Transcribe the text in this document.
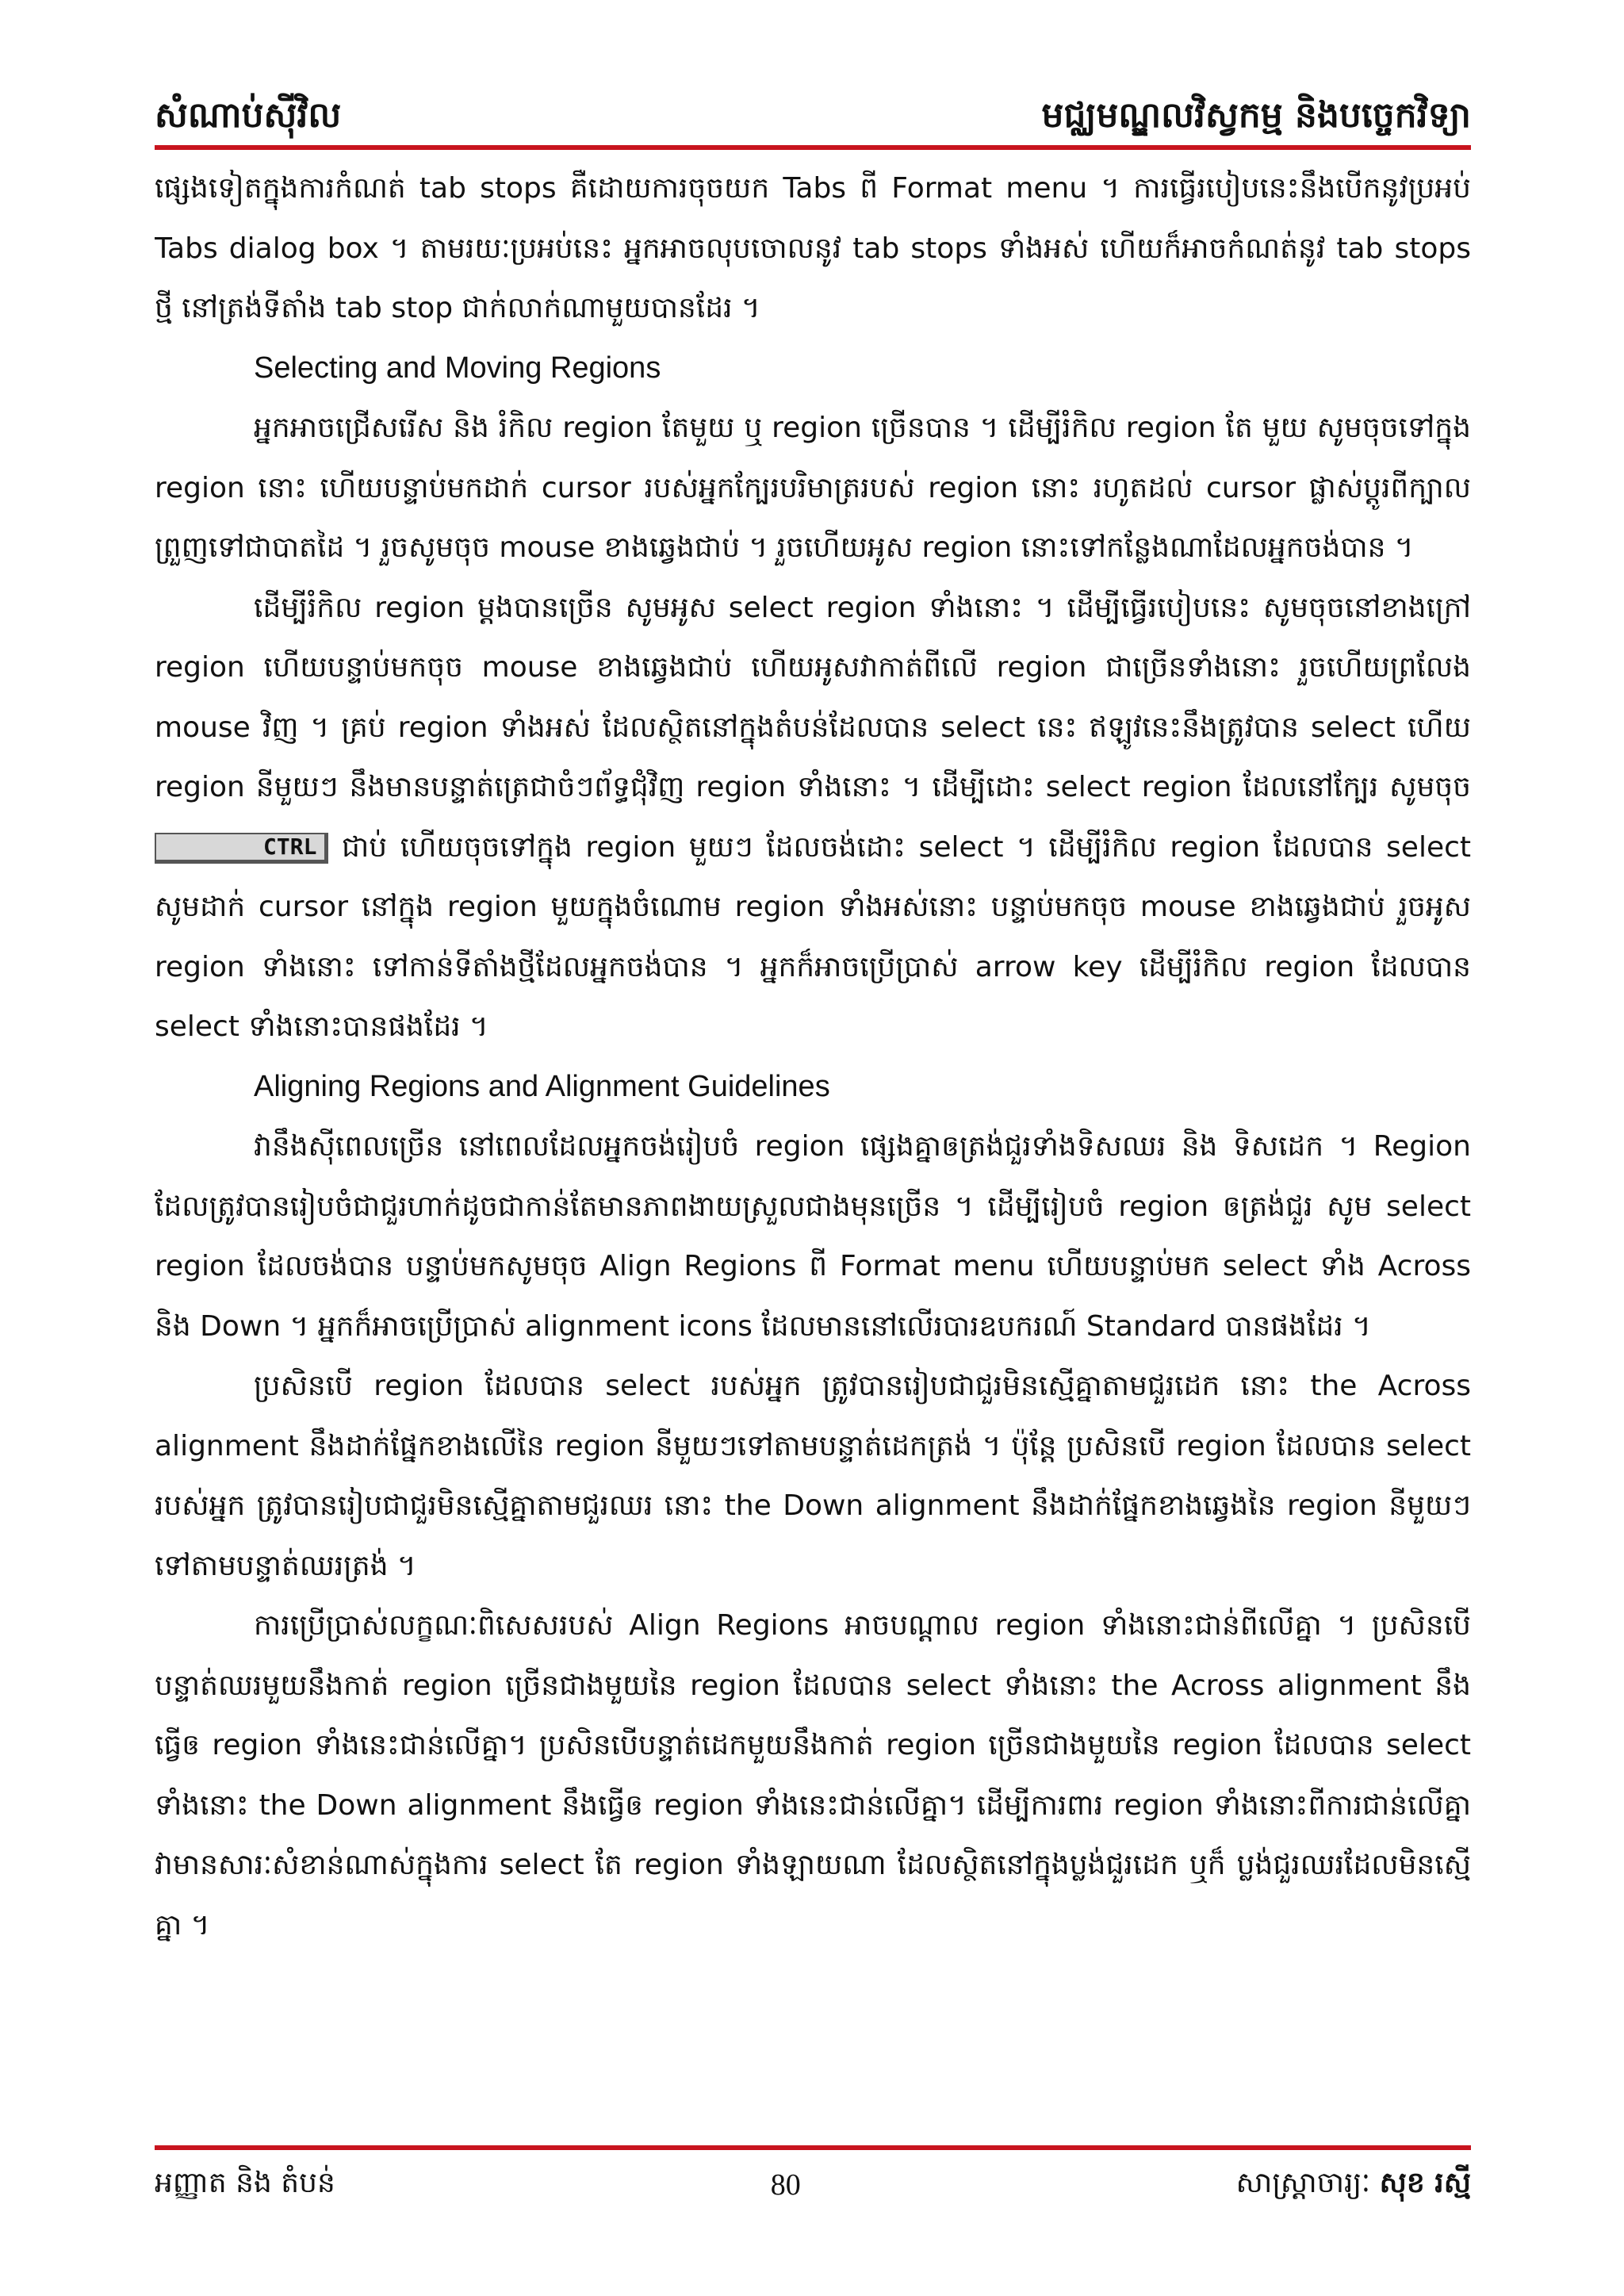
សំណាប់ស៊ីវិល	មជ្ឈមណ្ឌលវិស្វកម្ម និងបច្ចេកវិទ្យា

ផ្សេងទៀតក្នុងការកំណត់ tab stops គឺដោយការចុចយក Tabs ពី Format menu ។ ការធ្វើរបៀបនេះនឹងបើកនូវប្រអប់ Tabs dialog box ។ តាមរយៈប្រអប់នេះ អ្នកអាចលុបចោលនូវ tab stops ទាំងអស់ ហើយក៏អាចកំណត់នូវ tab stops ថ្មី នៅត្រង់ទីតាំង tab stop ជាក់លាក់ណាមួយបានដែរ ។

Selecting and Moving Regions

អ្នកអាចជ្រើសរើស និង រំកិល region តែមួយ ឬ region ច្រើនបាន ។ ដើម្បីរំកិល region តែ មួយ សូមចុចទៅក្នុង region នោះ ហើយបន្ទាប់មកដាក់ cursor របស់អ្នកក្បែរបរិមាត្ររបស់ region នោះ រហូតដល់ cursor ផ្លាស់ប្តូរពីក្បាលព្រួញទៅជាបាតដៃ ។ រួចសូមចុច mouse ខាងឆ្វេងជាប់ ។ រួចហើយអូស region នោះទៅកន្លែងណាដែលអ្នកចង់បាន ។

ដើម្បីរំកិល region ម្តងបានច្រើន សូមអូស select region ទាំងនោះ ។ ដើម្បីធ្វើរបៀបនេះ សូមចុចនៅខាងក្រៅ region ហើយបន្ទាប់មកចុច mouse ខាងឆ្វេងជាប់ ហើយអូសវាកាត់ពីលើ region ជាច្រើនទាំងនោះ រួចហើយព្រលែង mouse វិញ ។ គ្រប់ region ទាំងអស់ ដែលស្ថិតនៅក្នុងតំបន់ដែលបាន select នេះ ឥឡូវនេះនឹងត្រូវបាន select ហើយ region នីមួយៗ នឹងមានបន្ទាត់ត្រេជាចំៗព័ទ្ធជុំវិញ region ទាំងនោះ ។ ដើម្បីដោះ select region ដែលនៅក្បែរ សូមចុច CTRL ជាប់ ហើយចុចទៅក្នុង region មួយៗ ដែលចង់ដោះ select ។ ដើម្បីរំកិល region ដែលបាន select សូមដាក់ cursor នៅក្នុង region មួយក្នុងចំណោម region ទាំងអស់នោះ បន្ទាប់មកចុច mouse ខាងឆ្វេងជាប់ រួចអូស region ទាំងនោះ ទៅកាន់ទីតាំងថ្មីដែលអ្នកចង់បាន ។ អ្នកក៏អាចប្រើប្រាស់ arrow key ដើម្បីរំកិល region ដែលបាន select ទាំងនោះបានផងដែរ ។

Aligning Regions and Alignment Guidelines

វានឹងស៊ីពេលច្រើន នៅពេលដែលអ្នកចង់រៀបចំ region ផ្សេងគ្នាឲត្រង់ជួរទាំងទិសឈរ និង ទិសដេក ។ Region ដែលត្រូវបានរៀបចំជាជួរហាក់ដូចជាកាន់តែមានភាពងាយស្រួលជាងមុនច្រើន ។ ដើម្បីរៀបចំ region ឲត្រង់ជួរ សូម select region ដែលចង់បាន បន្ទាប់មកសូមចុច Align Regions ពី Format menu ហើយបន្ទាប់មក select ទាំង Across និង Down ។ អ្នកក៏អាចប្រើប្រាស់ alignment icons ដែលមាននៅលើរបារឧបករណ៍ Standard បានផងដែរ ។

ប្រសិនបើ region ដែលបាន select របស់អ្នក ត្រូវបានរៀបជាជួរមិនស្មើគ្នាតាមជួរដេក នោះ the Across alignment នឹងដាក់ផ្នែកខាងលើនៃ region នីមួយៗទៅតាមបន្ទាត់ដេកត្រង់ ។ ប៉ុន្តែ ប្រសិនបើ region ដែលបាន select របស់អ្នក ត្រូវបានរៀបជាជួរមិនស្មើគ្នាតាមជួរឈរ នោះ the Down alignment នឹងដាក់ផ្នែកខាងឆ្វេងនៃ region នីមួយៗទៅតាមបន្ទាត់ឈរត្រង់ ។

ការប្រើប្រាស់លក្ខណៈពិសេសរបស់ Align Regions អាចបណ្តាល region ទាំងនោះជាន់ពីលើគ្នា ។ ប្រសិនបើបន្ទាត់ឈរមួយនឹងកាត់ region ច្រើនជាងមួយនៃ region ដែលបាន select ទាំងនោះ the Across alignment នឹងធ្វើឲ region ទាំងនេះជាន់លើគ្នា។ ប្រសិនបើបន្ទាត់ដេកមួយនឹងកាត់ region ច្រើនជាងមួយនៃ region ដែលបាន select ទាំងនោះ the Down alignment នឹងធ្វើឲ region ទាំងនេះជាន់លើគ្នា។ ដើម្បីការពារ region ទាំងនោះពីការជាន់លើគ្នា វាមានសារៈសំខាន់ណាស់ក្នុងការ select តែ region ទាំងឡាយណា ដែលស្ថិតនៅក្នុងប្លង់ជួរដេក ឬក៏ ប្លង់ជួរឈរដែលមិនស្មើគ្នា ។

អញ្ញាត និង តំបន់	80	សាស្ត្រាចារ្យៈ សុខ រស្មី
